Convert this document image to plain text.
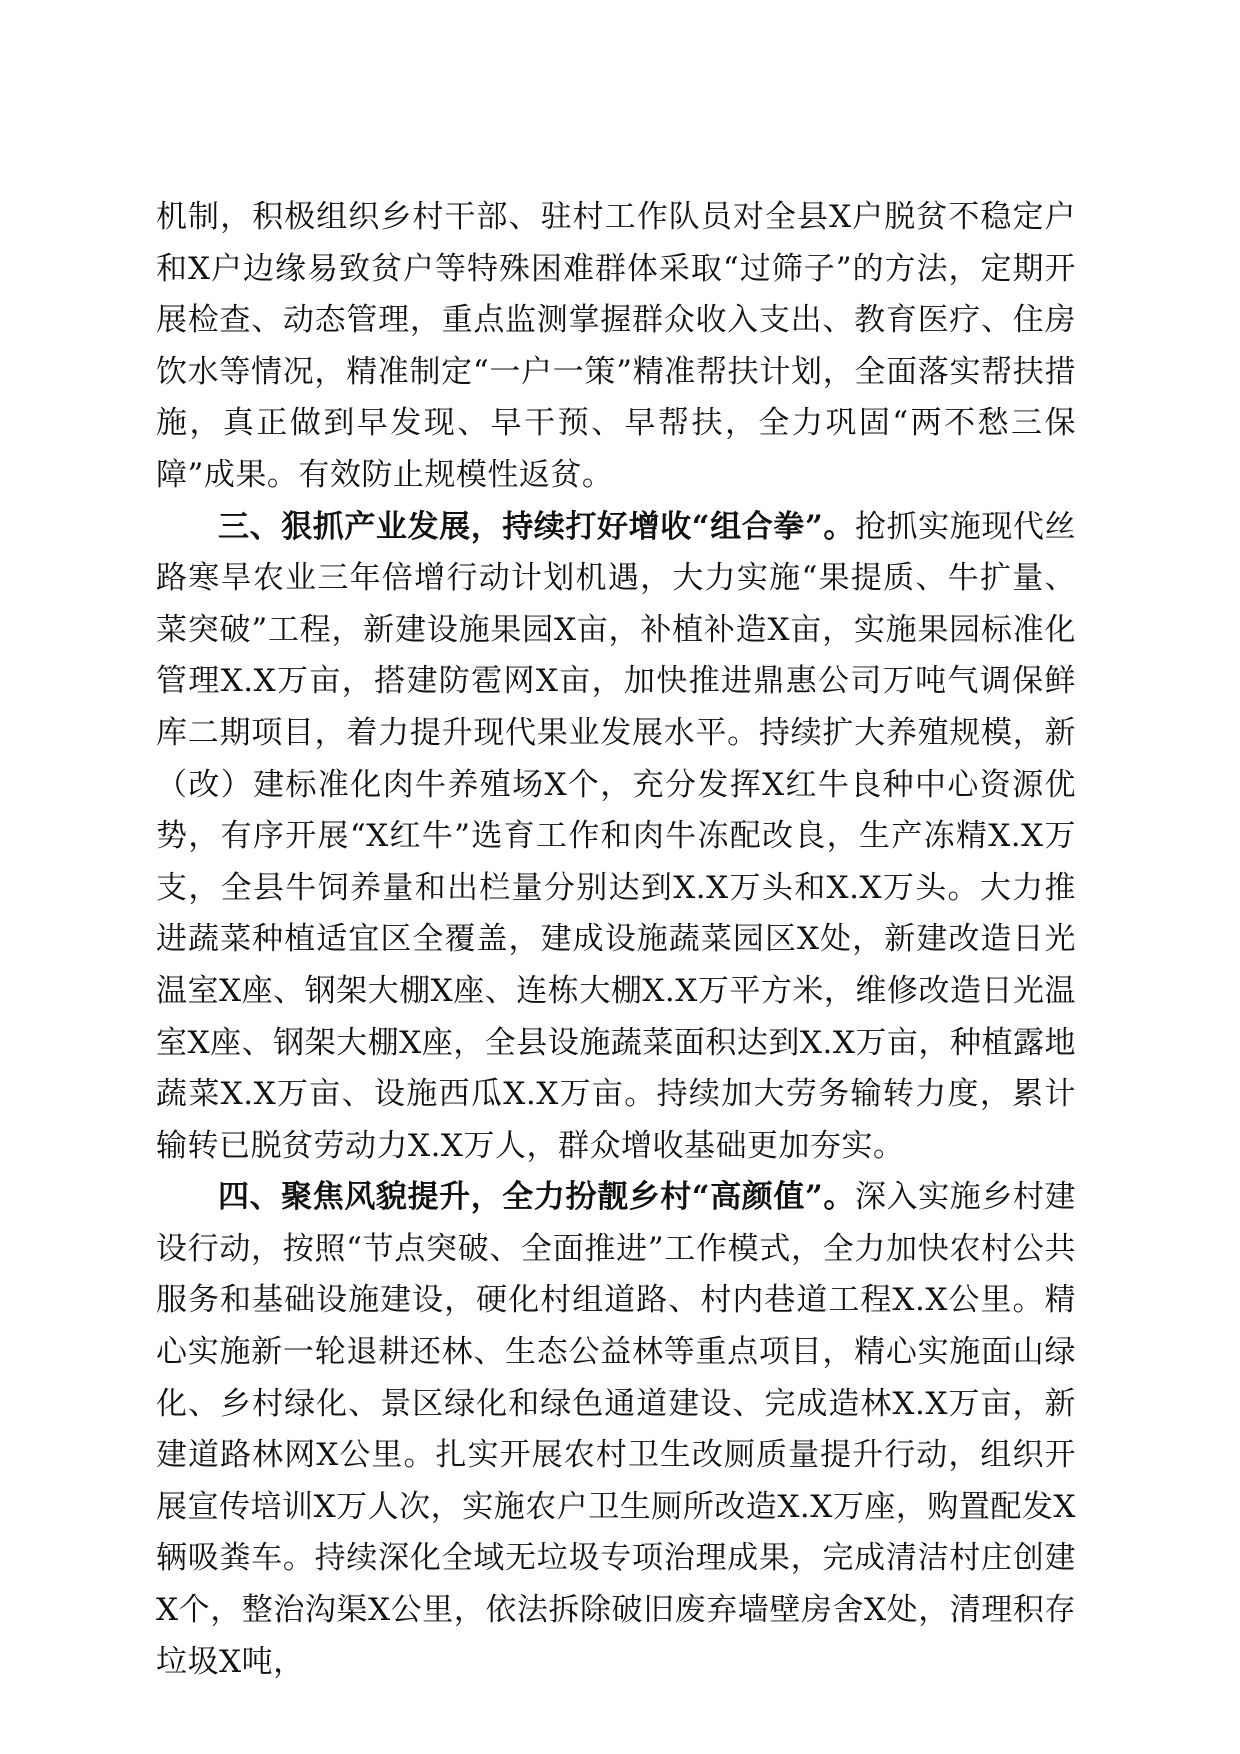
机制，积极组织乡村干部、驻村工作队员对全县X户脱贫不稳定户和X户边缘易致贫户等特殊困难群体采取“过筛子”的方法，定期开展检查、动态管理，重点监测掌握群众收入支出、教育医疗、住房饮水等情况，精准制定“一户一策”精准帮扶计划，全面落实帮扶措施，真正做到早发现、早干预、早帮扶，全力巩固“两不愁三保障”成果。有效防止规模性返贫。

三、狠抓产业发展，持续打好增收“组合拳”。抢抓实施现代丝路寒旱农业三年倍增行动计划机遇，大力实施“果提质、牛扩量、菜突破”工程，新建设施果园X亩，补植补造X亩，实施果园标准化管理X.X万亩，搭建防雹网X亩，加快推进鼎惠公司万吨气调保鲜库二期项目，着力提升现代果业发展水平。持续扩大养殖规模，新（改）建标准化肉牛养殖场X个，充分发挥X红牛良种中心资源优势，有序开展“X红牛”选育工作和肉牛冻配改良，生产冻精X.X万支，全县牛饲养量和出栏量分别达到X.X万头和X.X万头。大力推进蔬菜种植适宜区全覆盖，建成设施蔬菜园区X处，新建改造日光温室X座、钢架大棚X座、连栋大棚X.X万平方米，维修改造日光温室X座、钢架大棚X座，全县设施蔬菜面积达到X.X万亩，种植露地蔬菜X.X万亩、设施西瓜X.X万亩。持续加大劳务输转力度，累计输转已脱贫劳动力X.X万人，群众增收基础更加夯实。

四、聚焦风貌提升，全力扮靓乡村“高颜值”。深入实施乡村建设行动，按照“节点突破、全面推进”工作模式，全力加快农村公共服务和基础设施建设，硬化村组道路、村内巷道工程X.X公里。精心实施新一轮退耕还林、生态公益林等重点项目，精心实施面山绿化、乡村绿化、景区绿化和绿色通道建设、完成造林X.X万亩，新建道路林网X公里。扎实开展农村卫生改厕质量提升行动，组织开展宣传培训X万人次，实施农户卫生厕所改造X.X万座，购置配发X辆吸粪车。持续深化全域无垃圾专项治理成果，完成清洁村庄创建X个，整治沟渠X公里，依法拆除破旧废弃墙壁房舍X处，清理积存垃圾X吨，
